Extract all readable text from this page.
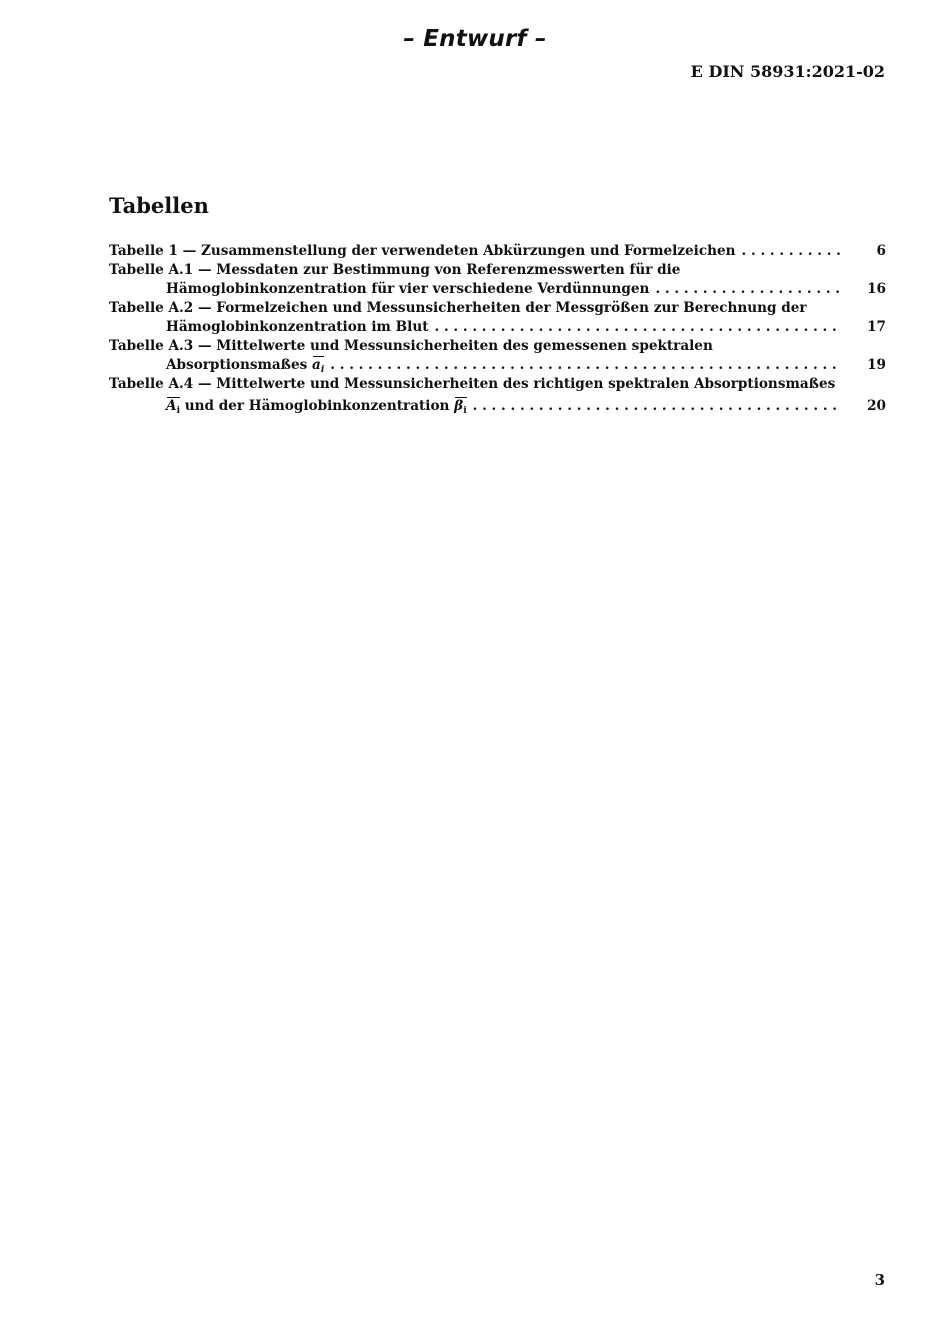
– Entwurf –
E DIN 58931:2021-02
Tabellen
Tabelle 1 — Zusammenstellung der verwendeten Abkürzungen und Formelzeichen . . .	6
Tabelle A.1 — Messdaten zur Bestimmung von Referenzmesswerten für die
Hämoglobinkonzentration für vier verschiedene Verdünnungen . . .	16
Tabelle A.2 — Formelzeichen und Messunsicherheiten der Messgrößen zur Berechnung der
Hämoglobinkonzentration im Blut . . .	17
Tabelle A.3 — Mittelwerte und Messunsicherheiten des gemessenen spektralen
Absorptionsmaßes $a_i$ . . .	19
Tabelle A.4 — Mittelwerte und Messunsicherheiten des richtigen spektralen Absorptionsmaßes
$A_i$ und der Hämoglobinkonzentration $\beta_i$ . . .	20
3
